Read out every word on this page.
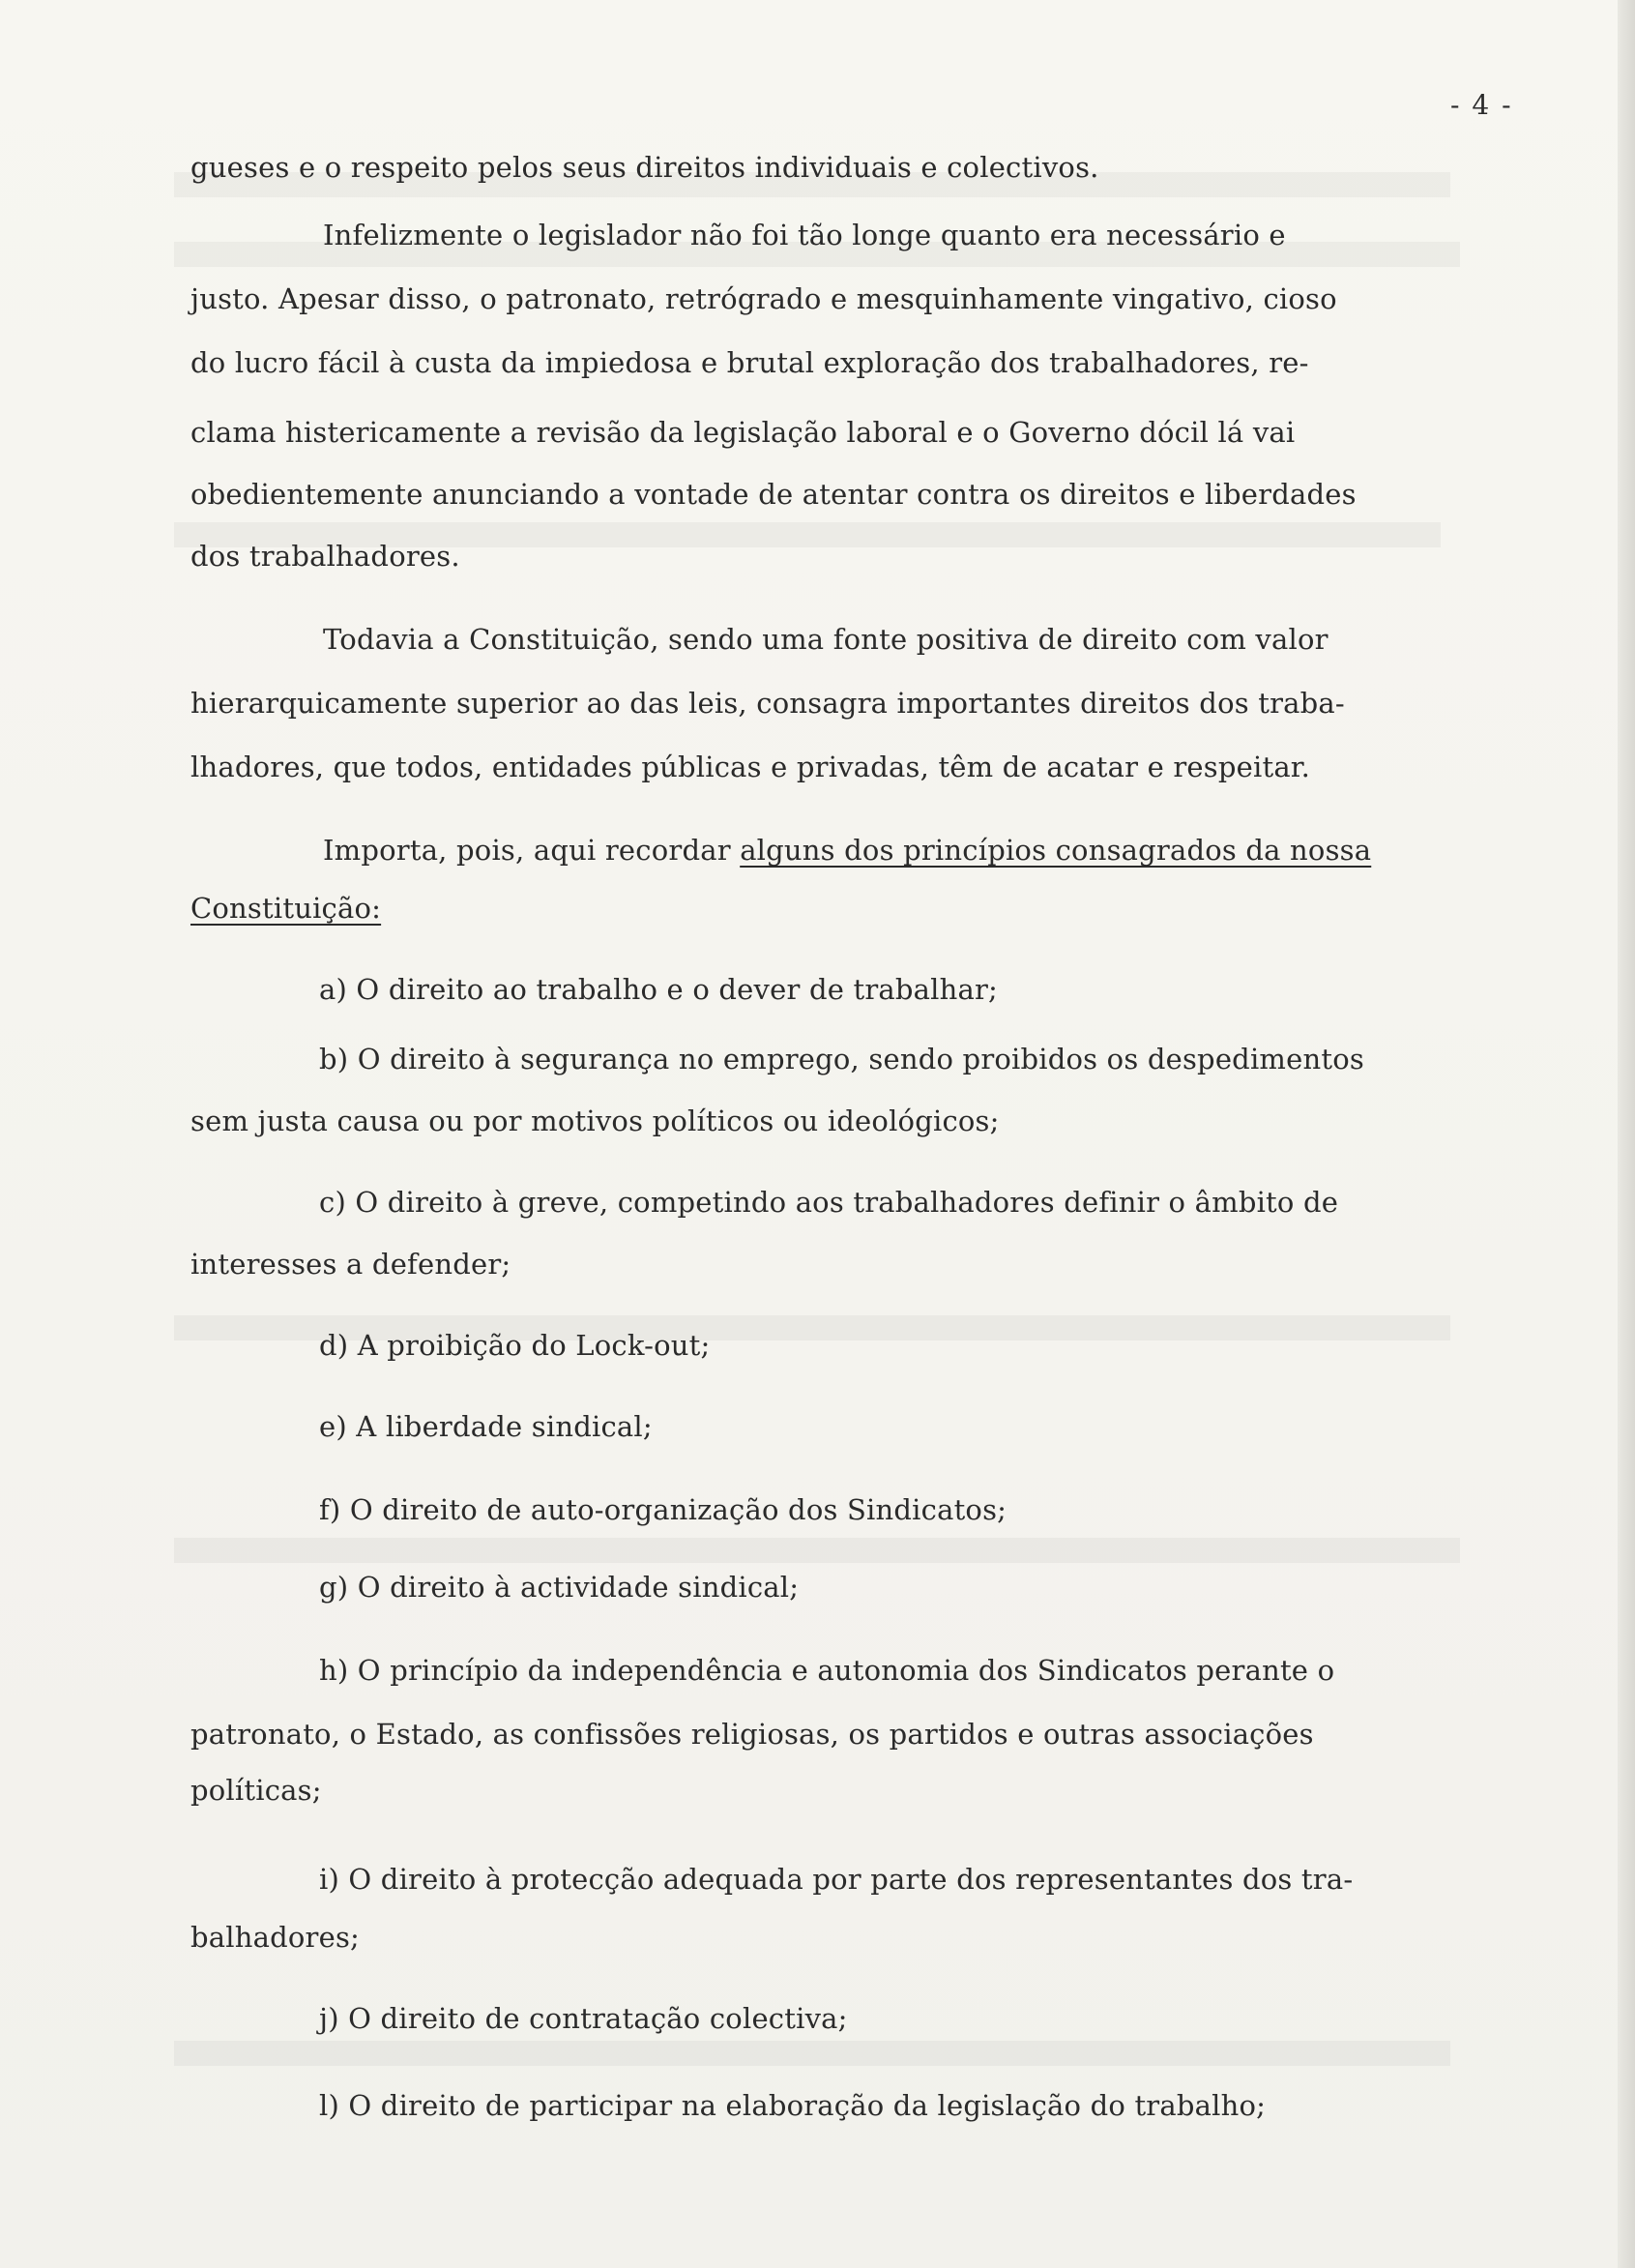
- 4 -
gueses e o respeito pelos seus direitos individuais e colectivos.
Infelizmente o legislador não foi tão longe quanto era necessário e
justo. Apesar disso, o patronato, retrógrado e mesquinhamente vingativo, cioso
do lucro fácil à custa da impiedosa e brutal exploração dos trabalhadores, re-
clama histericamente a revisão da legislação laboral e o Governo dócil lá vai
obedientemente anunciando a vontade de atentar contra os direitos e liberdades
dos trabalhadores.
Todavia a Constituição, sendo uma fonte positiva de direito com valor
hierarquicamente superior ao das leis, consagra importantes direitos dos traba-
lhadores, que todos, entidades públicas e privadas, têm de acatar e respeitar.
Importa, pois, aqui recordar alguns dos princípios consagrados da nossa
Constituição:
a) O direito ao trabalho e o dever de trabalhar;
b) O direito à segurança no emprego, sendo proibidos os despedimentos
sem justa causa ou por motivos políticos ou ideológicos;
c) O direito à greve, competindo aos trabalhadores definir o âmbito de
interesses a defender;
d) A proibição do Lock-out;
e) A liberdade sindical;
f) O direito de auto-organização dos Sindicatos;
g) O direito à actividade sindical;
h) O princípio da independência e autonomia dos Sindicatos perante o
patronato, o Estado, as confissões religiosas, os partidos e outras associações
políticas;
i) O direito à protecção adequada por parte dos representantes dos tra-
balhadores;
j) O direito de contratação colectiva;
l) O direito de participar na elaboração da legislação do trabalho;
